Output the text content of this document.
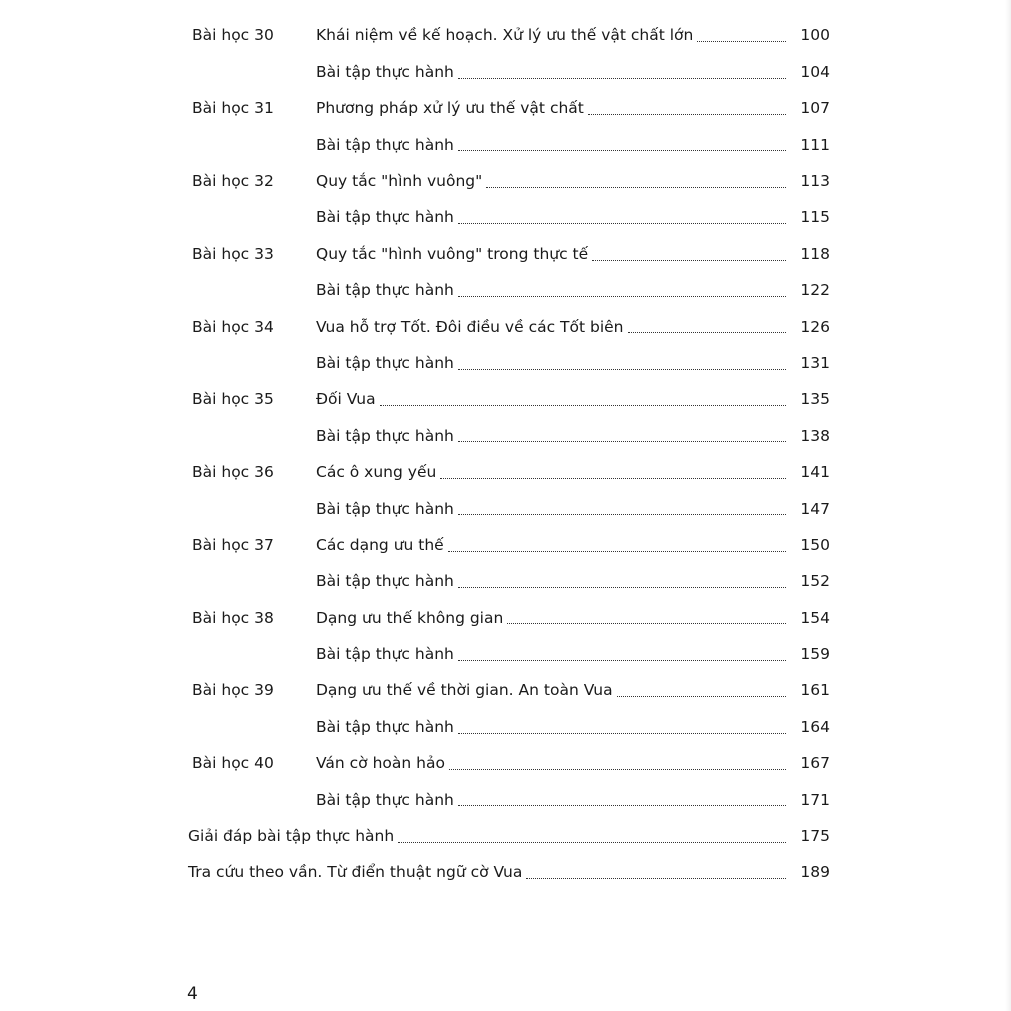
Bài học 30	Khái niệm về kế hoạch. Xử lý ưu thế vật chất lớn	100
Bài tập thực hành	104
Bài học 31	Phương pháp xử lý ưu thế vật chất	107
Bài tập thực hành	111
Bài học 32	Quy tắc "hình vuông"	113
Bài tập thực hành	115
Bài học 33	Quy tắc "hình vuông" trong thực tế	118
Bài tập thực hành	122
Bài học 34	Vua hỗ trợ Tốt. Đôi điều về các Tốt biên	126
Bài tập thực hành	131
Bài học 35	Đối Vua	135
Bài tập thực hành	138
Bài học 36	Các ô xung yếu	141
Bài tập thực hành	147
Bài học 37	Các dạng ưu thế	150
Bài tập thực hành	152
Bài học 38	Dạng ưu thế không gian	154
Bài tập thực hành	159
Bài học 39	Dạng ưu thế về thời gian. An toàn Vua	161
Bài tập thực hành	164
Bài học 40	Ván cờ hoàn hảo	167
Bài tập thực hành	171
Giải đáp bài tập thực hành	175
Tra cứu theo vần. Từ điển thuật ngữ cờ Vua	189
4
